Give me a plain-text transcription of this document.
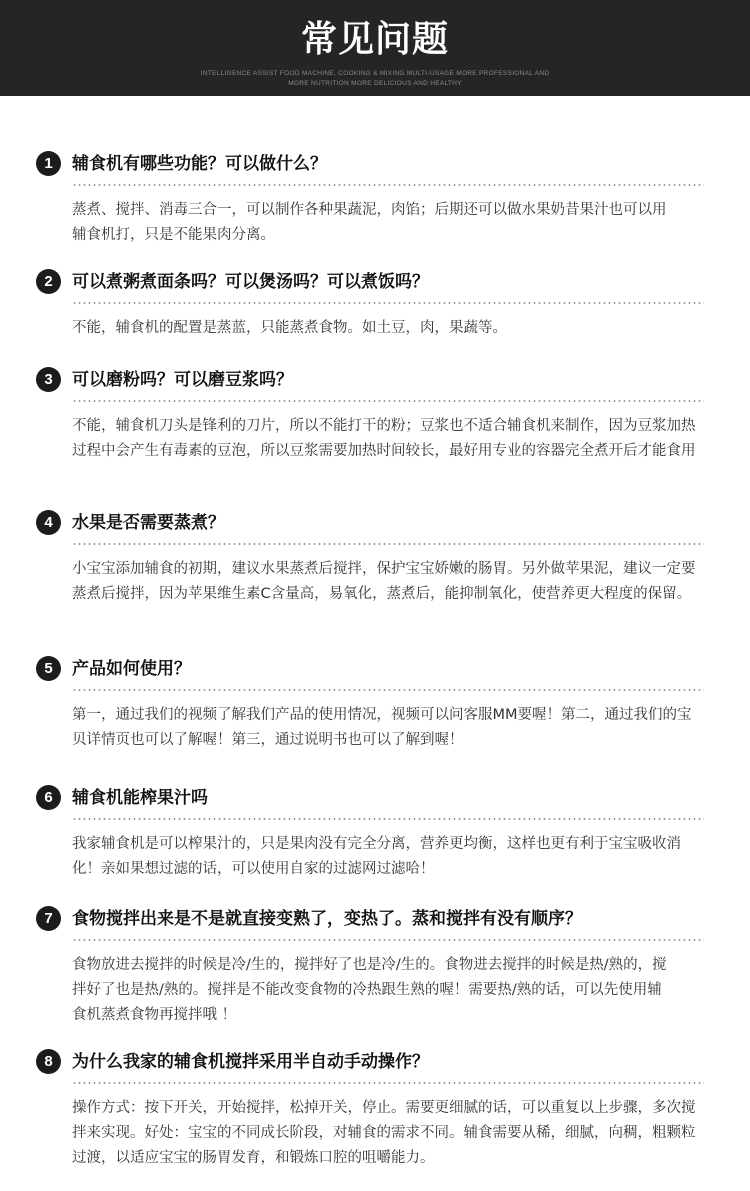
常见问题
INTELLIGENCE ASSIST FOOD MACHINE, COOKING & MIXING MULTI-USAGE MORE PROFESSIONAL AND
MORE NUTRITION MORE DELICIOUS AND HEALTHY
1	辅食机有哪些功能？可以做什么？

蒸煮、搅拌、消毒三合一，可以制作各种果蔬泥，肉馅；后期还可以做水果奶昔果汁也可以用辅食机打，只是不能果肉分离。

2	可以煮粥煮面条吗？可以煲汤吗？可以煮饭吗？

不能，辅食机的配置是蒸蓝，只能蒸煮食物。如土豆，肉，果蔬等。

3	可以磨粉吗？可以磨豆浆吗？

不能，辅食机刀头是锋利的刀片，所以不能打干的粉；豆浆也不适合辅食机来制作，因为豆浆加热过程中会产生有毒素的豆泡，所以豆浆需要加热时间较长，最好用专业的容器完全煮开后才能食用

4	水果是否需要蒸煮？

小宝宝添加辅食的初期，建议水果蒸煮后搅拌，保护宝宝娇嫩的肠胃。另外做苹果泥，建议一定要蒸煮后搅拌，因为苹果维生素C含量高，易氧化，蒸煮后，能抑制氧化，使营养更大程度的保留。

5	产品如何使用？

第一，通过我们的视频了解我们产品的使用情况，视频可以问客服MM要喔！第二，通过我们的宝贝详情页也可以了解喔！第三，通过说明书也可以了解到喔！

6	辅食机能榨果汁吗

我家辅食机是可以榨果汁的，只是果肉没有完全分离，营养更均衡，这样也更有利于宝宝吸收消化！亲如果想过滤的话，可以使用自家的过滤网过滤哈！

7	食物搅拌出来是不是就直接变熟了，变热了。蒸和搅拌有没有顺序？

食物放进去搅拌的时候是冷/生的，搅拌好了也是冷/生的。食物进去搅拌的时候是热/熟的，搅拌好了也是热/熟的。搅拌是不能改变食物的冷热跟生熟的喔！需要热/熟的话，可以先使用辅食机蒸煮食物再搅拌哦 ！

8	为什么我家的辅食机搅拌采用半自动手动操作？

操作方式：按下开关，开始搅拌，松掉开关，停止。需要更细腻的话，可以重复以上步骤，多次搅拌来实现。好处：宝宝的不同成长阶段，对辅食的需求不同。辅食需要从稀，细腻，向稠，粗颗粒过渡，以适应宝宝的肠胃发育，和锻炼口腔的咀嚼能力。
